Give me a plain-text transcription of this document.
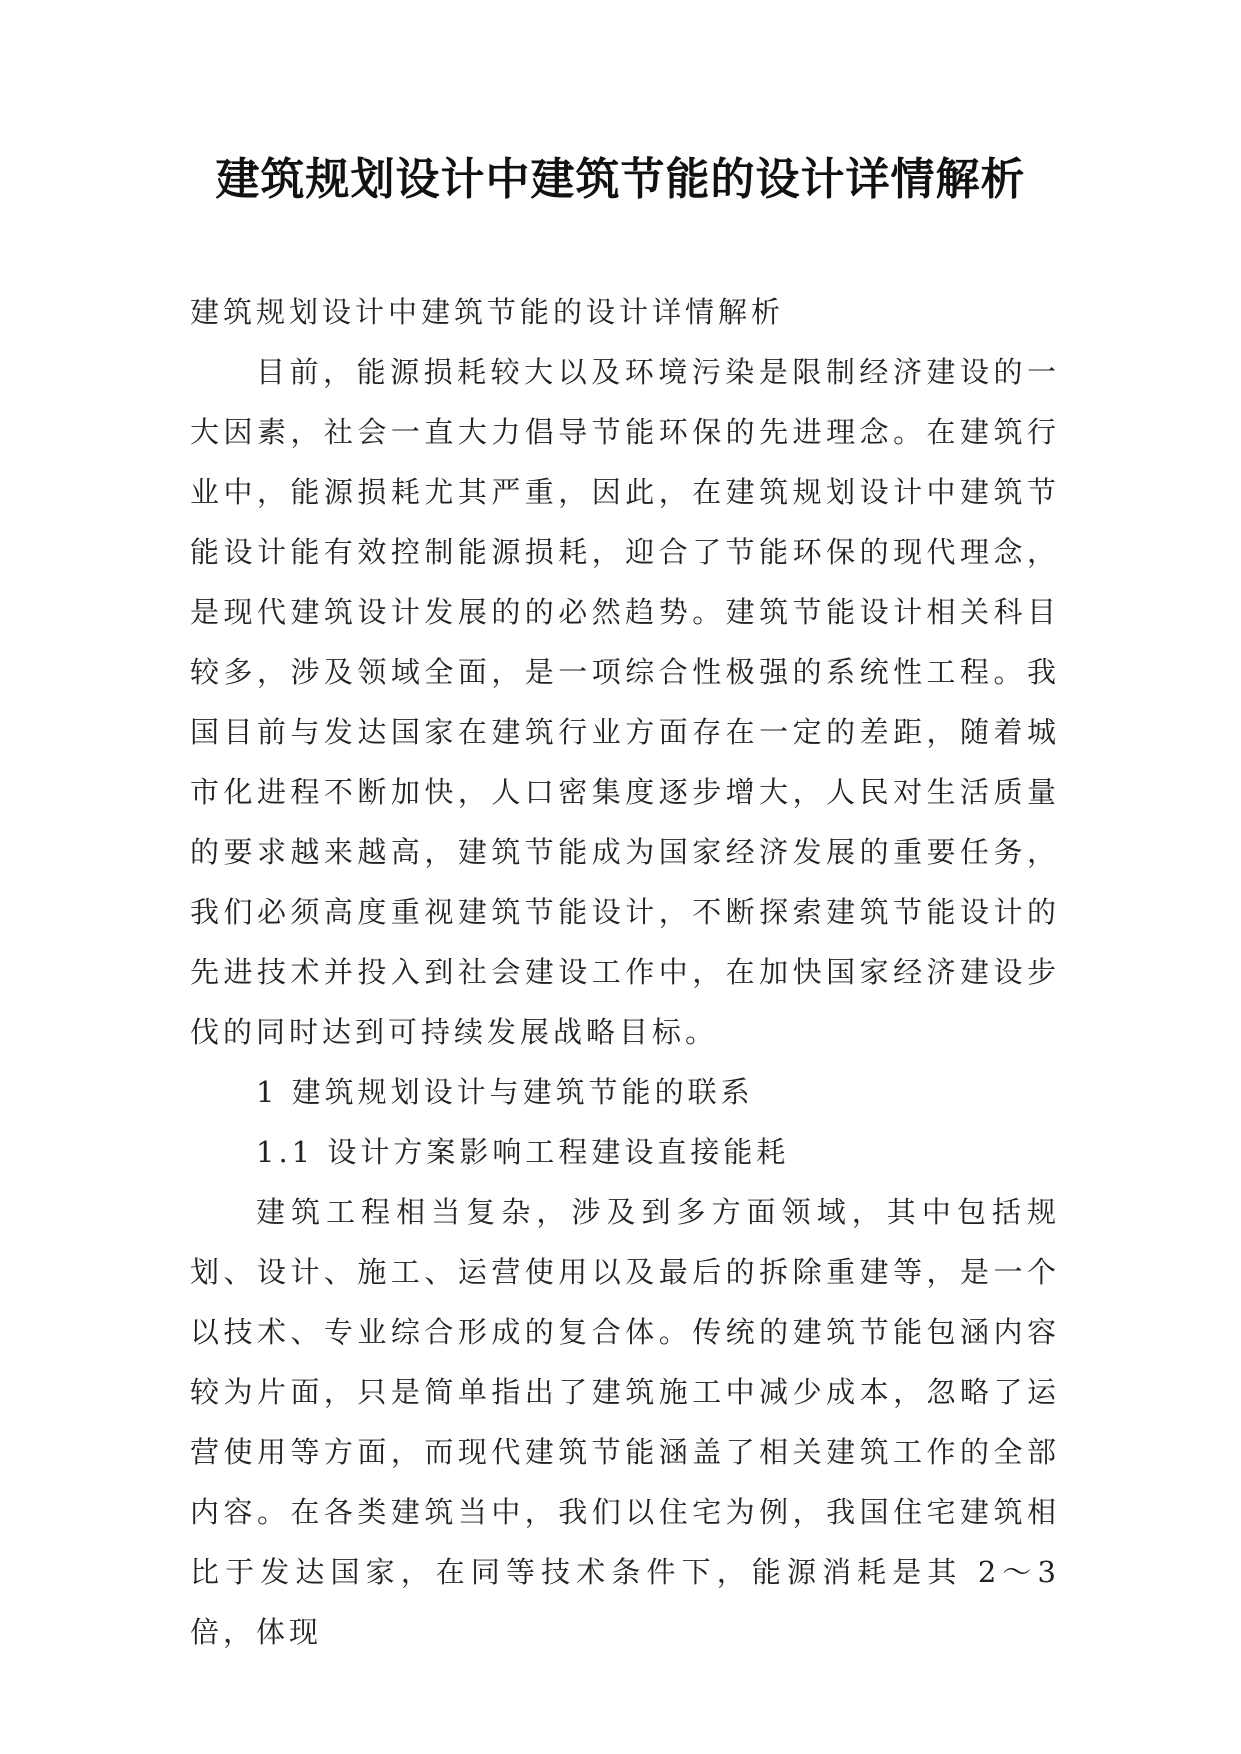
建筑规划设计中建筑节能的设计详情解析

建筑规划设计中建筑节能的设计详情解析

目前，能源损耗较大以及环境污染是限制经济建设的一大因素，社会一直大力倡导节能环保的先进理念。在建筑行业中，能源损耗尤其严重，因此，在建筑规划设计中建筑节能设计能有效控制能源损耗，迎合了节能环保的现代理念，是现代建筑设计发展的的必然趋势。建筑节能设计相关科目较多，涉及领域全面，是一项综合性极强的系统性工程。我国目前与发达国家在建筑行业方面存在一定的差距，随着城市化进程不断加快，人口密集度逐步增大，人民对生活质量的要求越来越高，建筑节能成为国家经济发展的重要任务，我们必须高度重视建筑节能设计，不断探索建筑节能设计的先进技术并投入到社会建设工作中，在加快国家经济建设步伐的同时达到可持续发展战略目标。

1 建筑规划设计与建筑节能的联系

1.1 设计方案影响工程建设直接能耗

建筑工程相当复杂，涉及到多方面领域，其中包括规划、设计、施工、运营使用以及最后的拆除重建等，是一个以技术、专业综合形成的复合体。传统的建筑节能包涵内容较为片面，只是简单指出了建筑施工中减少成本，忽略了运营使用等方面，而现代建筑节能涵盖了相关建筑工作的全部内容。在各类建筑当中，我们以住宅为例，我国住宅建筑相比于发达国家，在同等技术条件下，能源消耗是其 2～3 倍，体现
